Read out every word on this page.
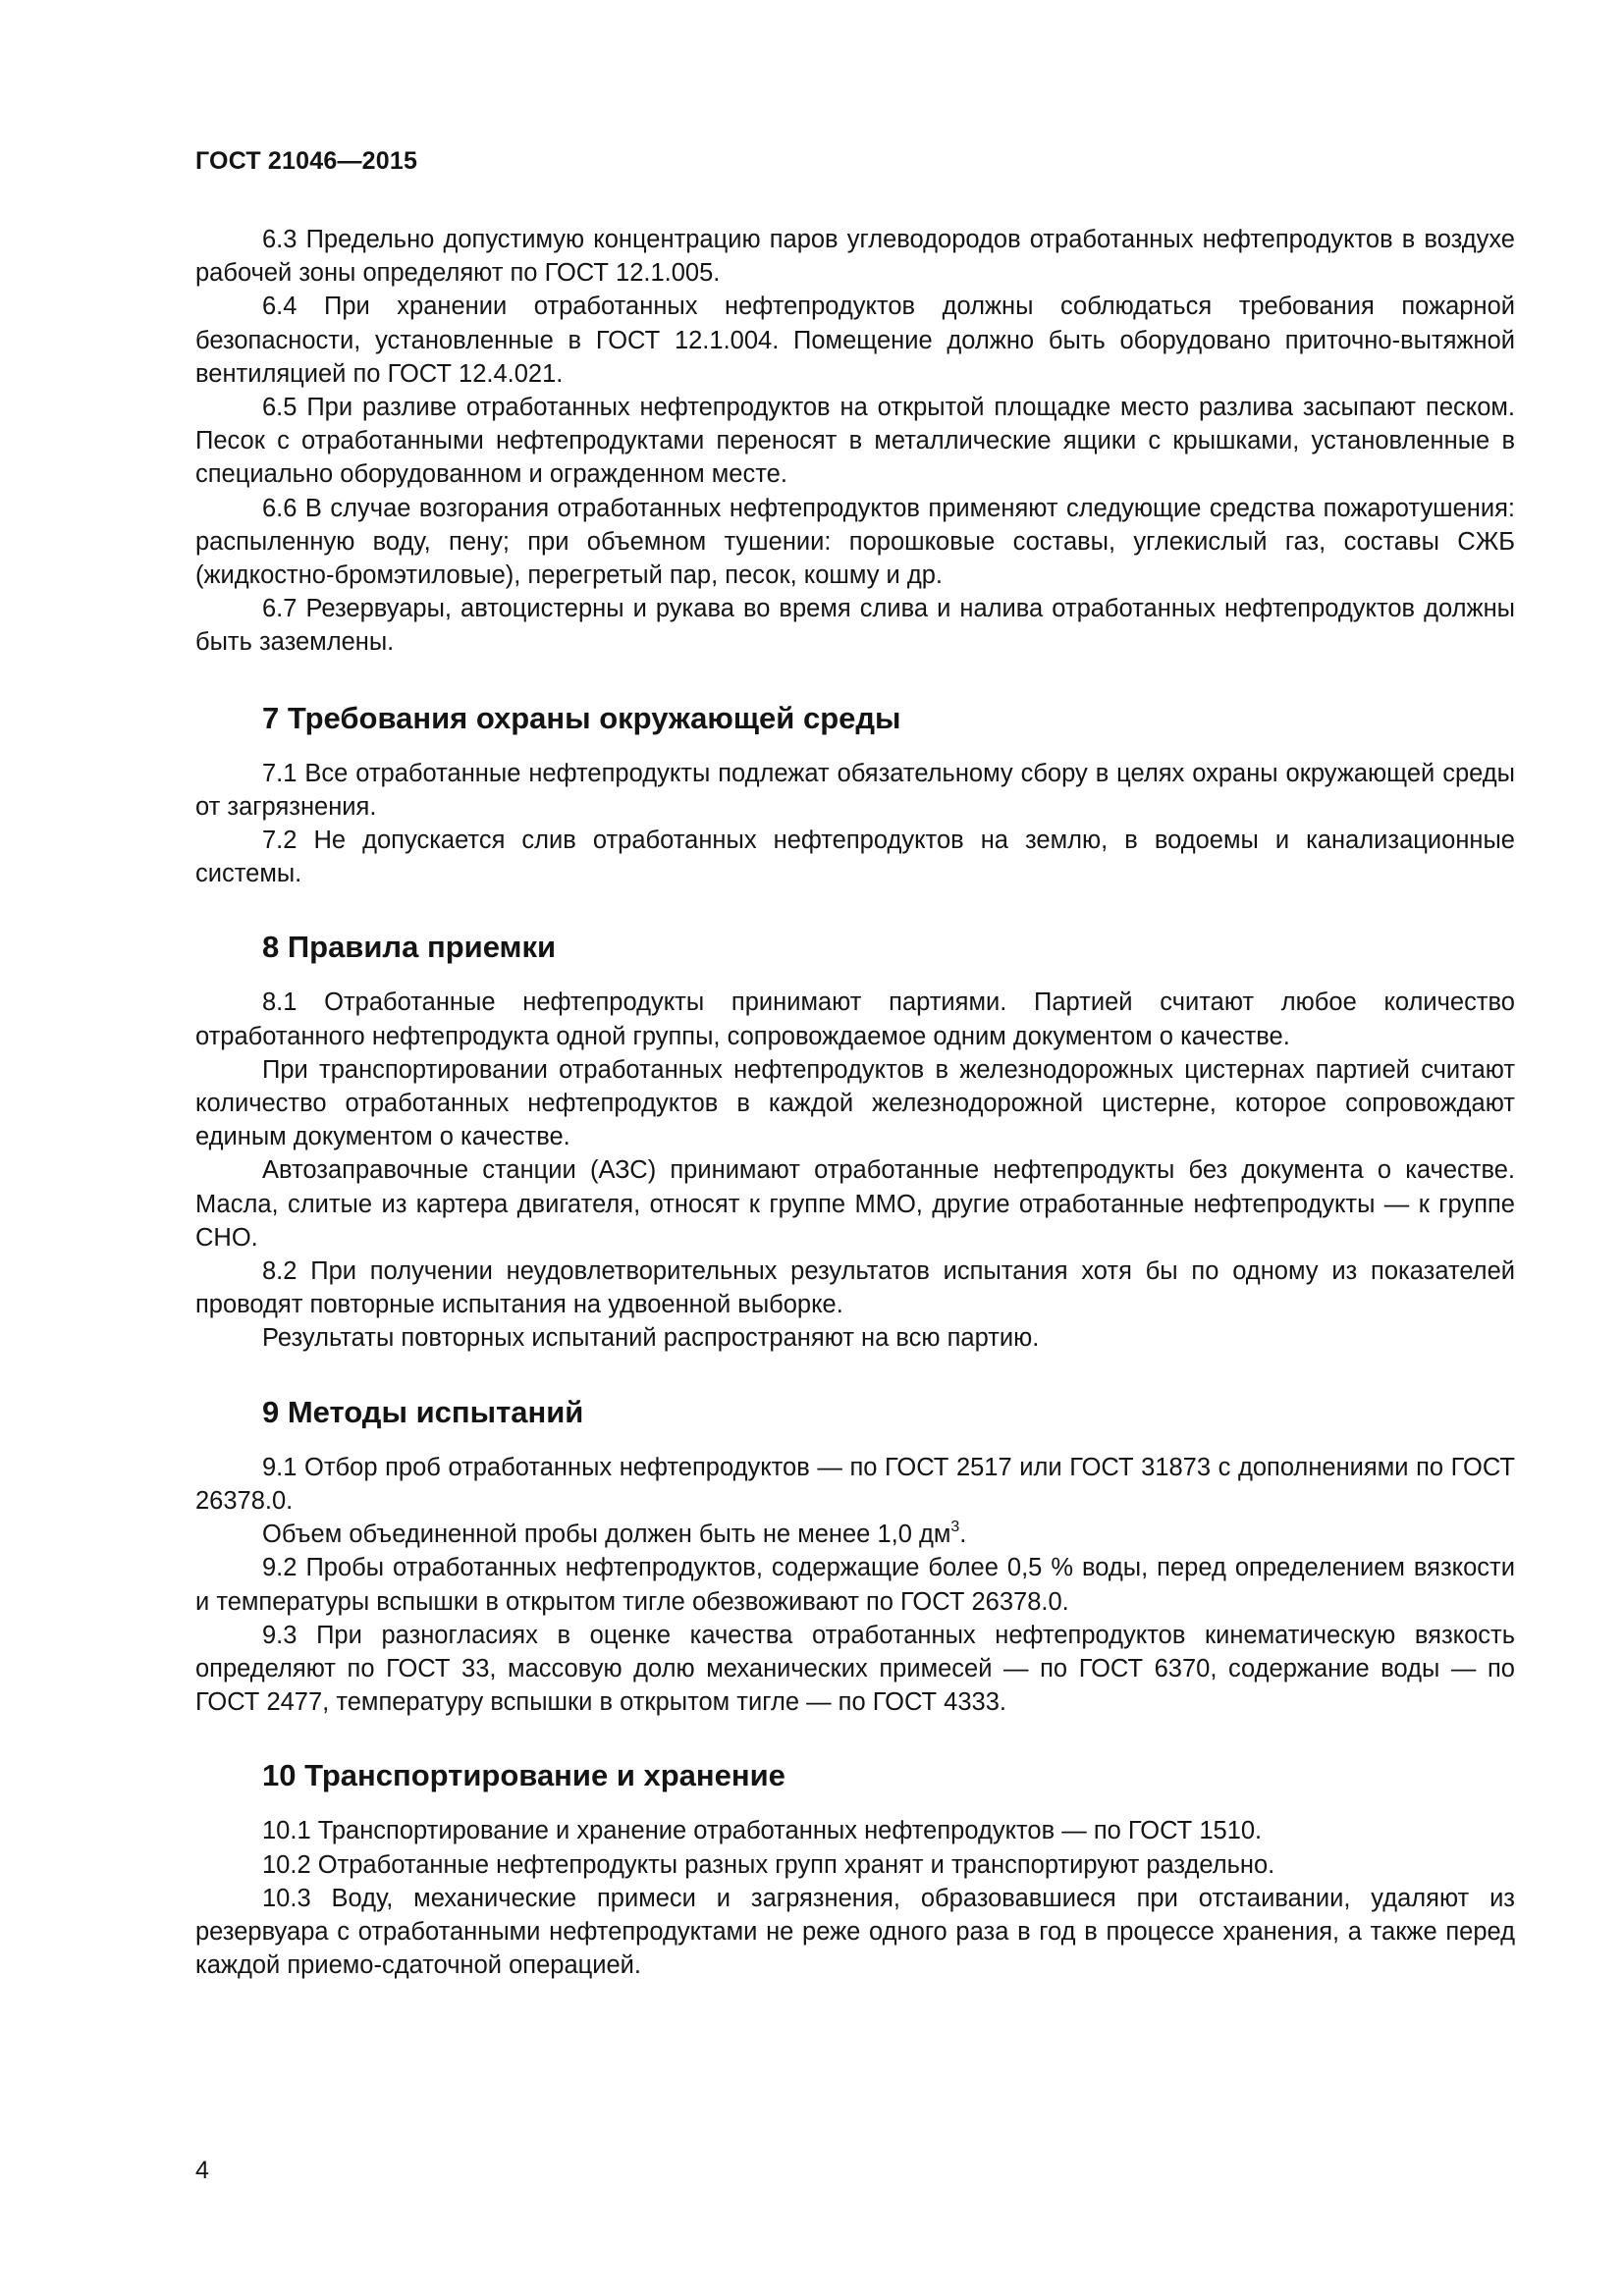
ГОСТ 21046—2015

6.3 Предельно допустимую концентрацию паров углеводородов отработанных нефтепродуктов в воздухе рабочей зоны определяют по ГОСТ 12.1.005.

6.4 При хранении отработанных нефтепродуктов должны соблюдаться требования пожарной безопасности, установленные в ГОСТ 12.1.004. Помещение должно быть оборудовано приточно-вытяжной вентиляцией по ГОСТ 12.4.021.

6.5 При разливе отработанных нефтепродуктов на открытой площадке место разлива засыпают песком. Песок с отработанными нефтепродуктами переносят в металлические ящики с крышками, установленные в специально оборудованном и огражденном месте.

6.6 В случае возгорания отработанных нефтепродуктов применяют следующие средства пожаротушения: распыленную воду, пену; при объемном тушении: порошковые составы, углекислый газ, составы СЖБ (жидкостно-бромэтиловые), перегретый пар, песок, кошму и др.

6.7 Резервуары, автоцистерны и рукава во время слива и налива отработанных нефтепродуктов должны быть заземлены.

7 Требования охраны окружающей среды

7.1 Все отработанные нефтепродукты подлежат обязательному сбору в целях охраны окружающей среды от загрязнения.

7.2 Не допускается слив отработанных нефтепродуктов на землю, в водоемы и канализационные системы.

8 Правила приемки

8.1 Отработанные нефтепродукты принимают партиями. Партией считают любое количество отработанного нефтепродукта одной группы, сопровождаемое одним документом о качестве.

При транспортировании отработанных нефтепродуктов в железнодорожных цистернах партией считают количество отработанных нефтепродуктов в каждой железнодорожной цистерне, которое сопровождают единым документом о качестве.

Автозаправочные станции (АЗС) принимают отработанные нефтепродукты без документа о качестве. Масла, слитые из картера двигателя, относят к группе ММО, другие отработанные нефтепродукты — к группе СНО.

8.2 При получении неудовлетворительных результатов испытания хотя бы по одному из показателей проводят повторные испытания на удвоенной выборке.

Результаты повторных испытаний распространяют на всю партию.

9 Методы испытаний

9.1 Отбор проб отработанных нефтепродуктов — по ГОСТ 2517 или ГОСТ 31873 с дополнениями по ГОСТ 26378.0.

Объем объединенной пробы должен быть не менее 1,0 $дм^3$.

9.2 Пробы отработанных нефтепродуктов, содержащие более 0,5 % воды, перед определением вязкости и температуры вспышки в открытом тигле обезвоживают по ГОСТ 26378.0.

9.3 При разногласиях в оценке качества отработанных нефтепродуктов кинематическую вязкость определяют по ГОСТ 33, массовую долю механических примесей — по ГОСТ 6370, содержание воды — по ГОСТ 2477, температуру вспышки в открытом тигле — по ГОСТ 4333.

10 Транспортирование и хранение

10.1 Транспортирование и хранение отработанных нефтепродуктов — по ГОСТ 1510.

10.2 Отработанные нефтепродукты разных групп хранят и транспортируют раздельно.

10.3 Воду, механические примеси и загрязнения, образовавшиеся при отстаивании, удаляют из резервуара с отработанными нефтепродуктами не реже одного раза в год в процессе хранения, а также перед каждой приемо-сдаточной операцией.

4
